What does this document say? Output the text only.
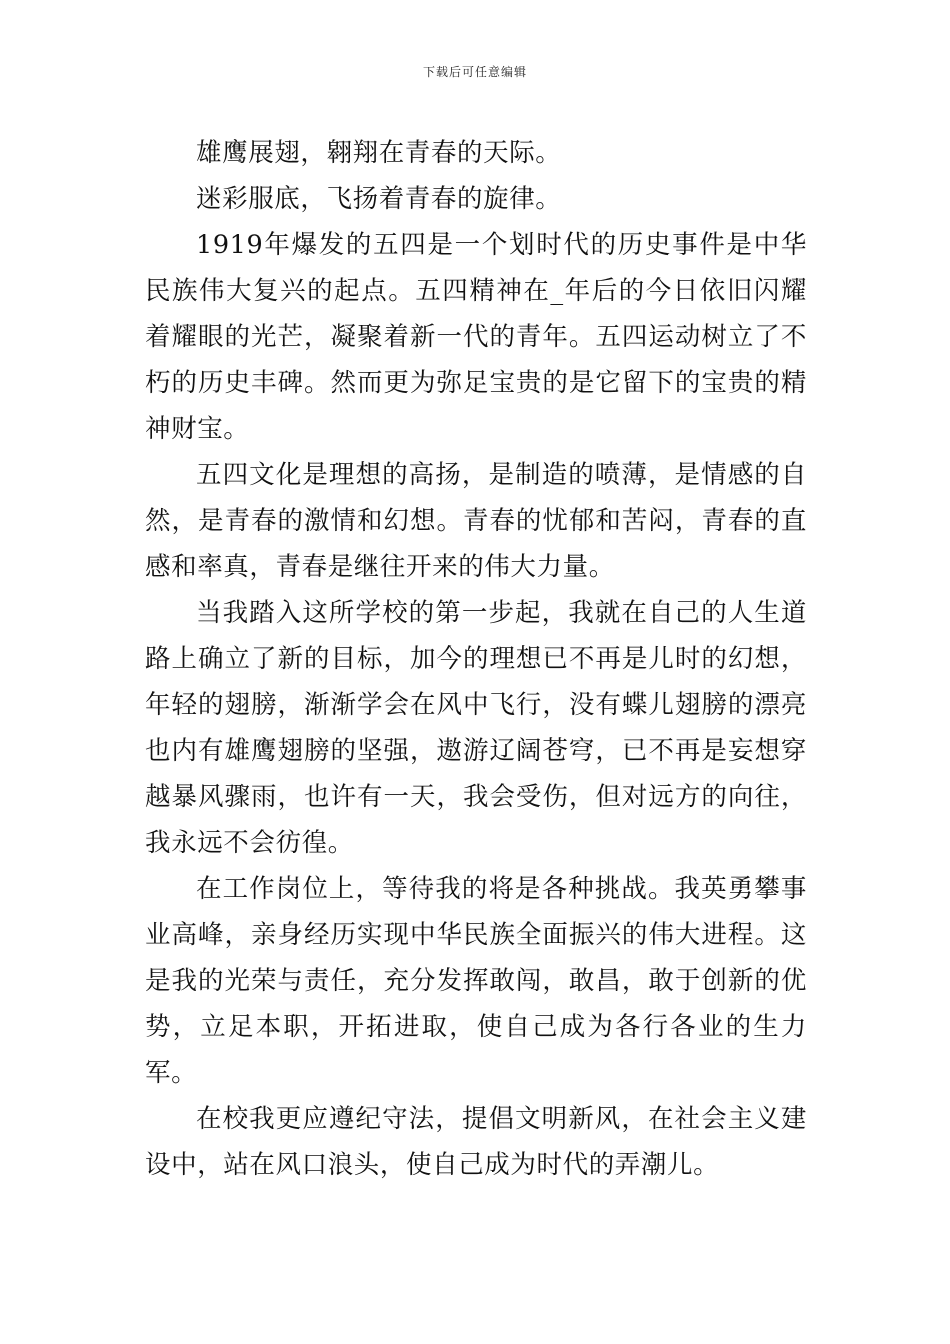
下载后可任意编辑

雄鹰展翅，翱翔在青春的天际。

迷彩服底，飞扬着青春的旋律。

1919年爆发的五四是一个划时代的历史事件是中华民族伟大复兴的起点。五四精神在_年后的今日依旧闪耀着耀眼的光芒，凝聚着新一代的青年。五四运动树立了不朽的历史丰碑。然而更为弥足宝贵的是它留下的宝贵的精神财宝。

五四文化是理想的高扬，是制造的喷薄，是情感的自然，是青春的激情和幻想。青春的忧郁和苦闷，青春的直感和率真，青春是继往开来的伟大力量。

当我踏入这所学校的第一步起，我就在自己的人生道路上确立了新的目标，加今的理想已不再是儿时的幻想，年轻的翅膀，渐渐学会在风中飞行，没有蝶儿翅膀的漂亮也内有雄鹰翅膀的坚强，遨游辽阔苍穹，已不再是妄想穿越暴风骤雨，也许有一天，我会受伤，但对远方的向往，我永远不会彷徨。

在工作岗位上，等待我的将是各种挑战。我英勇攀事业高峰，亲身经历实现中华民族全面振兴的伟大进程。这是我的光荣与责任，充分发挥敢闯，敢昌，敢于创新的优势，立足本职，开拓进取，使自己成为各行各业的生力军。

在校我更应遵纪守法，提倡文明新风，在社会主义建设中，站在风口浪头，使自己成为时代的弄潮儿。
